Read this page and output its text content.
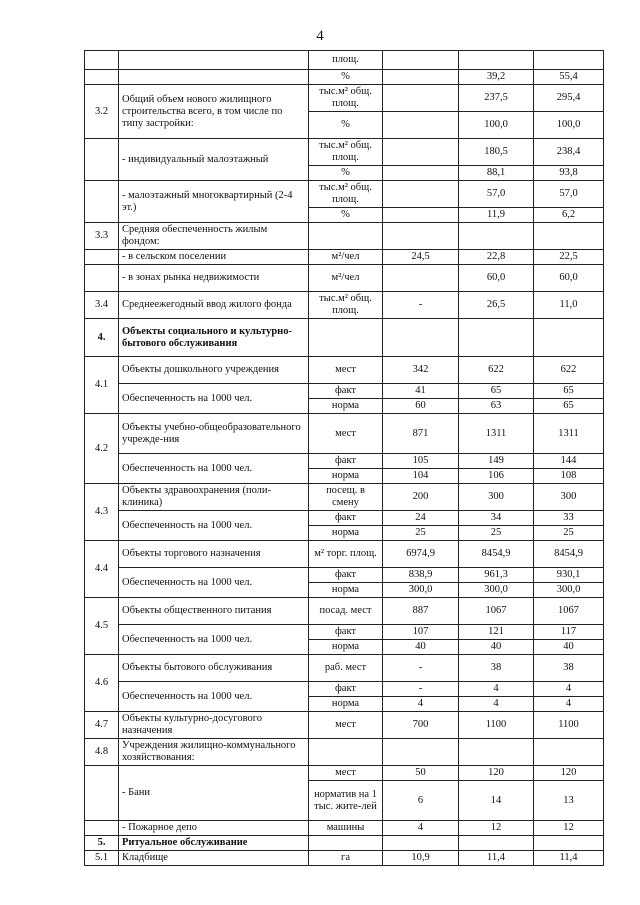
4
		площ.			
		%		39,2	55,4
3.2	Общий объем нового жилищного строительства всего, в том числе по типу застройки:	тыс.м² общ. площ.		237,5	295,4
		%		100,0	100,0
	- индивидуальный малоэтажный	тыс.м² общ. площ.		180,5	238,4
		%		88,1	93,8
	- малоэтажный многоквартирный (2-4 эт.)	тыс.м² общ. площ.		57,0	57,0
		%		11,9	6,2
3.3	Средняя обеспеченность жилым фондом:				
	- в сельском поселении	м²/чел	24,5	22,8	22,5
	- в зонах рынка недвижимости	м²/чел		60,0	60,0
3.4	Среднеежегодный ввод жилого фонда	тыс.м² общ. площ.	-	26,5	11,0
4.	Объекты социального и культурно-бытового обслуживания				
4.1	Объекты дошкольного учреждения	мест	342	622	622
	Обеспеченность на 1000 чел.	факт	41	65	65
		норма	60	63	65
4.2	Объекты учебно-общеобразовательного учрежде-ния	мест	871	1311	1311
	Обеспеченность на 1000 чел.	факт	105	149	144
		норма	104	106	108
4.3	Объекты здравоохранения (поли-клиника)	посещ. в смену	200	300	300
	Обеспеченность на 1000 чел.	факт	24	34	33
		норма	25	25	25
4.4	Объекты торгового назначения	м² торг. площ.	6974,9	8454,9	8454,9
	Обеспеченность на 1000 чел.	факт	838,9	961,3	930,1
		норма	300,0	300,0	300,0
4.5	Объекты общественного питания	посад. мест	887	1067	1067
	Обеспеченность на 1000 чел.	факт	107	121	117
		норма	40	40	40
4.6	Объекты бытового обслуживания	раб. мест	-	38	38
	Обеспеченность на 1000 чел.	факт	-	4	4
		норма	4	4	4
4.7	Объекты культурно-досугового назначения	мест	700	1100	1100
4.8	Учреждения жилищно-коммунального хозяйствования:				
	- Бани	мест	50	120	120
		норматив на 1 тыс. жите-лей	6	14	13
	- Пожарное депо	машины	4	12	12
5.	Ритуальное обслуживание				
5.1	Кладбище	га	10,9	11,4	11,4
